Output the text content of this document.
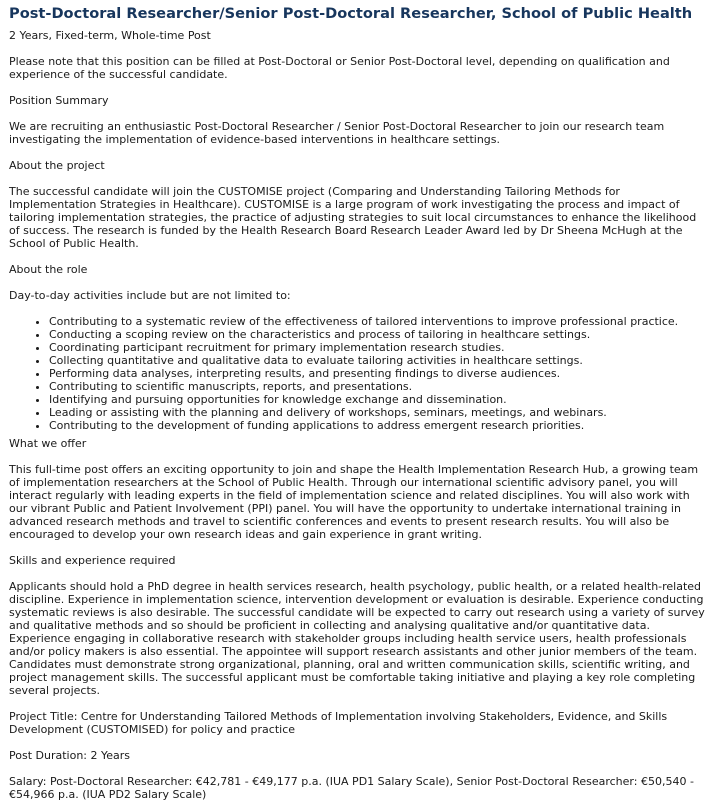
Post-Doctoral Researcher/Senior Post-Doctoral Researcher, School of Public Health

2 Years, Fixed-term, Whole-time Post

Please note that this position can be filled at Post-Doctoral or Senior Post-Doctoral level, depending on qualification and experience of the successful candidate.

Position Summary

We are recruiting an enthusiastic Post-Doctoral Researcher / Senior Post-Doctoral Researcher to join our research team investigating the implementation of evidence-based interventions in healthcare settings.

About the project

The successful candidate will join the CUSTOMISE project (Comparing and Understanding Tailoring Methods for Implementation Strategies in Healthcare). CUSTOMISE is a large program of work investigating the process and impact of tailoring implementation strategies, the practice of adjusting strategies to suit local circumstances to enhance the likelihood of success. The research is funded by the Health Research Board Research Leader Award led by Dr Sheena McHugh at the School of Public Health.

About the role

Day-to-day activities include but are not limited to:

• Contributing to a systematic review of the effectiveness of tailored interventions to improve professional practice.
• Conducting a scoping review on the characteristics and process of tailoring in healthcare settings.
• Coordinating participant recruitment for primary implementation research studies.
• Collecting quantitative and qualitative data to evaluate tailoring activities in healthcare settings.
• Performing data analyses, interpreting results, and presenting findings to diverse audiences.
• Contributing to scientific manuscripts, reports, and presentations.
• Identifying and pursuing opportunities for knowledge exchange and dissemination.
• Leading or assisting with the planning and delivery of workshops, seminars, meetings, and webinars.
• Contributing to the development of funding applications to address emergent research priorities.

What we offer

This full-time post offers an exciting opportunity to join and shape the Health Implementation Research Hub, a growing team of implementation researchers at the School of Public Health. Through our international scientific advisory panel, you will interact regularly with leading experts in the field of implementation science and related disciplines. You will also work with our vibrant Public and Patient Involvement (PPI) panel. You will have the opportunity to undertake international training in advanced research methods and travel to scientific conferences and events to present research results. You will also be encouraged to develop your own research ideas and gain experience in grant writing.

Skills and experience required

Applicants should hold a PhD degree in health services research, health psychology, public health, or a related health-related discipline. Experience in implementation science, intervention development or evaluation is desirable. Experience conducting systematic reviews is also desirable. The successful candidate will be expected to carry out research using a variety of survey and qualitative methods and so should be proficient in collecting and analysing qualitative and/or quantitative data. Experience engaging in collaborative research with stakeholder groups including health service users, health professionals and/or policy makers is also essential. The appointee will support research assistants and other junior members of the team. Candidates must demonstrate strong organizational, planning, oral and written communication skills, scientific writing, and project management skills. The successful applicant must be comfortable taking initiative and playing a key role completing several projects.

Project Title: Centre for Understanding Tailored Methods of Implementation involving Stakeholders, Evidence, and Skills Development (CUSTOMISED) for policy and practice

Post Duration: 2 Years

Salary: Post-Doctoral Researcher: €42,781 - €49,177 p.a. (IUA PD1 Salary Scale), Senior Post-Doctoral Researcher: €50,540 - €54,966 p.a. (IUA PD2 Salary Scale)
